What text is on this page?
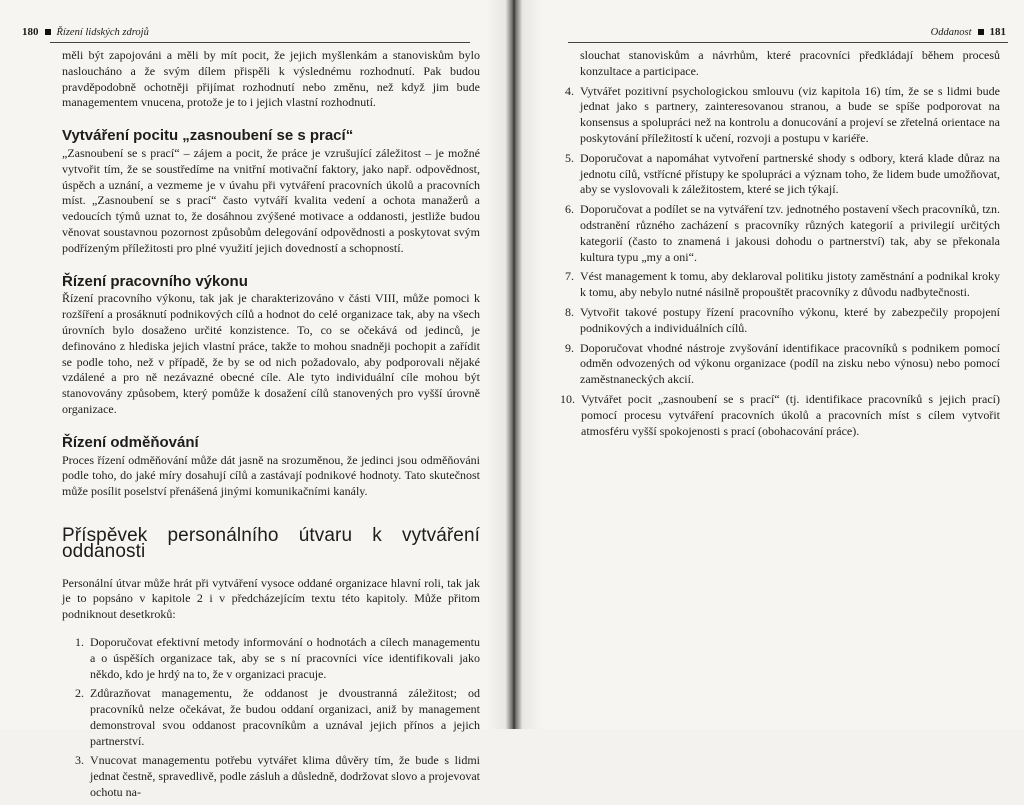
180 Řízení lidských zdrojů

měli být zapojováni a měli by mít pocit, že jejich myšlenkám a stanoviskům bylo nasloucháno a že svým dílem přispěli k výslednému rozhodnutí. Pak budou pravděpodobně ochotněji přijímat rozhodnutí nebo změnu, než když jim bude managementem vnucena, protože je to i jejich vlastní rozhodnutí.

Vytváření pocitu „zasnoubení se s prací“

„Zasnoubení se s prací“ – zájem a pocit, že práce je vzrušující záležitost – je možné vytvořit tím, že se soustředíme na vnitřní motivační faktory, jako např. odpovědnost, úspěch a uznání, a vezmeme je v úvahu při vytváření pracovních úkolů a pracovních míst. „Zasnoubení se s prací“ často vytváří kvalita vedení a ochota manažerů a vedoucích týmů uznat to, že dosáhnou zvýšené motivace a oddanosti, jestliže budou věnovat soustavnou pozornost způsobům delegování odpovědnosti a poskytovat svým podřízeným příležitosti pro plné využití jejich dovedností a schopností.

Řízení pracovního výkonu

Řízení pracovního výkonu, tak jak je charakterizováno v části VIII, může pomoci k rozšíření a prosáknutí podnikových cílů a hodnot do celé organizace tak, aby na všech úrovních bylo dosaženo určité konzistence. To, co se očekává od jedinců, je definováno z hlediska jejich vlastní práce, takže to mohou snadněji pochopit a zařídit se podle toho, než v případě, že by se od nich požadovalo, aby podporovali nějaké vzdálené a pro ně nezávazné obecné cíle. Ale tyto individuální cíle mohou být stanovovány způsobem, který pomůže k dosažení cílů stanovených pro vyšší úrovně organizace.

Řízení odměňování

Proces řízení odměňování může dát jasně na srozuměnou, že jedinci jsou odměňováni podle toho, do jaké míry dosahují cílů a zastávají podnikové hodnoty. Tato skutečnost může posílit poselství přenášená jinými komunikačními kanály.

Příspěvek personálního útvaru k vytváření oddanosti

Personální útvar může hrát při vytváření vysoce oddané organizace hlavní roli, tak jak je to popsáno v kapitole 2 i v předcházejícím textu této kapitoly. Může přitom podniknout desetkroků:

1. Doporučovat efektivní metody informování o hodnotách a cílech managementu a o úspěších organizace tak, aby se s ní pracovníci více identifikovali jako někdo, kdo je hrdý na to, že v organizaci pracuje.
2. Zdůrazňovat managementu, že oddanost je dvoustranná záležitost; od pracovníků nelze očekávat, že budou oddaní organizaci, aniž by management demonstroval svou oddanost pracovníkům a uznával jejich přínos a jejich partnerství.
3. Vnucovat managementu potřebu vytvářet klima důvěry tím, že bude s lidmi jednat čestně, spravedlivě, podle zásluh a důsledně, dodržovat slovo a projevovat ochotu na-
Oddanost 181
slouchat stanoviskům a návrhům, které pracovníci předkládají během procesů konzultace a participace.
4. Vytvářet pozitivní psychologickou smlouvu (viz kapitola 16) tím, že se s lidmi bude jednat jako s partnery, zainteresovanou stranou, a bude se spíše podporovat na konsensus a spolupráci než na kontrolu a donucování a projeví se zřetelná orientace na poskytování příležitostí k učení, rozvoji a postupu v kariéře.
5. Doporučovat a napomáhat vytvoření partnerské shody s odbory, která klade důraz na jednotu cílů, vstřícné přístupy ke spolupráci a význam toho, že lidem bude umožňovat, aby se vyslovovali k záležitostem, které se jich týkají.
6. Doporučovat a podílet se na vytváření tzv. jednotného postavení všech pracovníků, tzn. odstranění různého zacházení s pracovníky různých kategorií a privilegií určitých kategorií (často to znamená i jakousi dohodu o partnerství) tak, aby se překonala kultura typu „my a oni“.
7. Vést management k tomu, aby deklaroval politiku jistoty zaměstnání a podnikal kroky k tomu, aby nebylo nutné násilně propouštět pracovníky z důvodu nadbytečnosti.
8. Vytvořit takové postupy řízení pracovního výkonu, které by zabezpečily propojení podnikových a individuálních cílů.
9. Doporučovat vhodné nástroje zvyšování identifikace pracovníků s podnikem pomocí odměn odvozených od výkonu organizace (podíl na zisku nebo výnosu) nebo pomocí zaměstnaneckých akcií.
10. Vytvářet pocit „zasnoubení se s prací“ (tj. identifikace pracovníků s jejich prací) pomocí procesu vytváření pracovních úkolů a pracovních míst s cílem vytvořit atmosféru vyšší spokojenosti s prací (obohacování práce).
